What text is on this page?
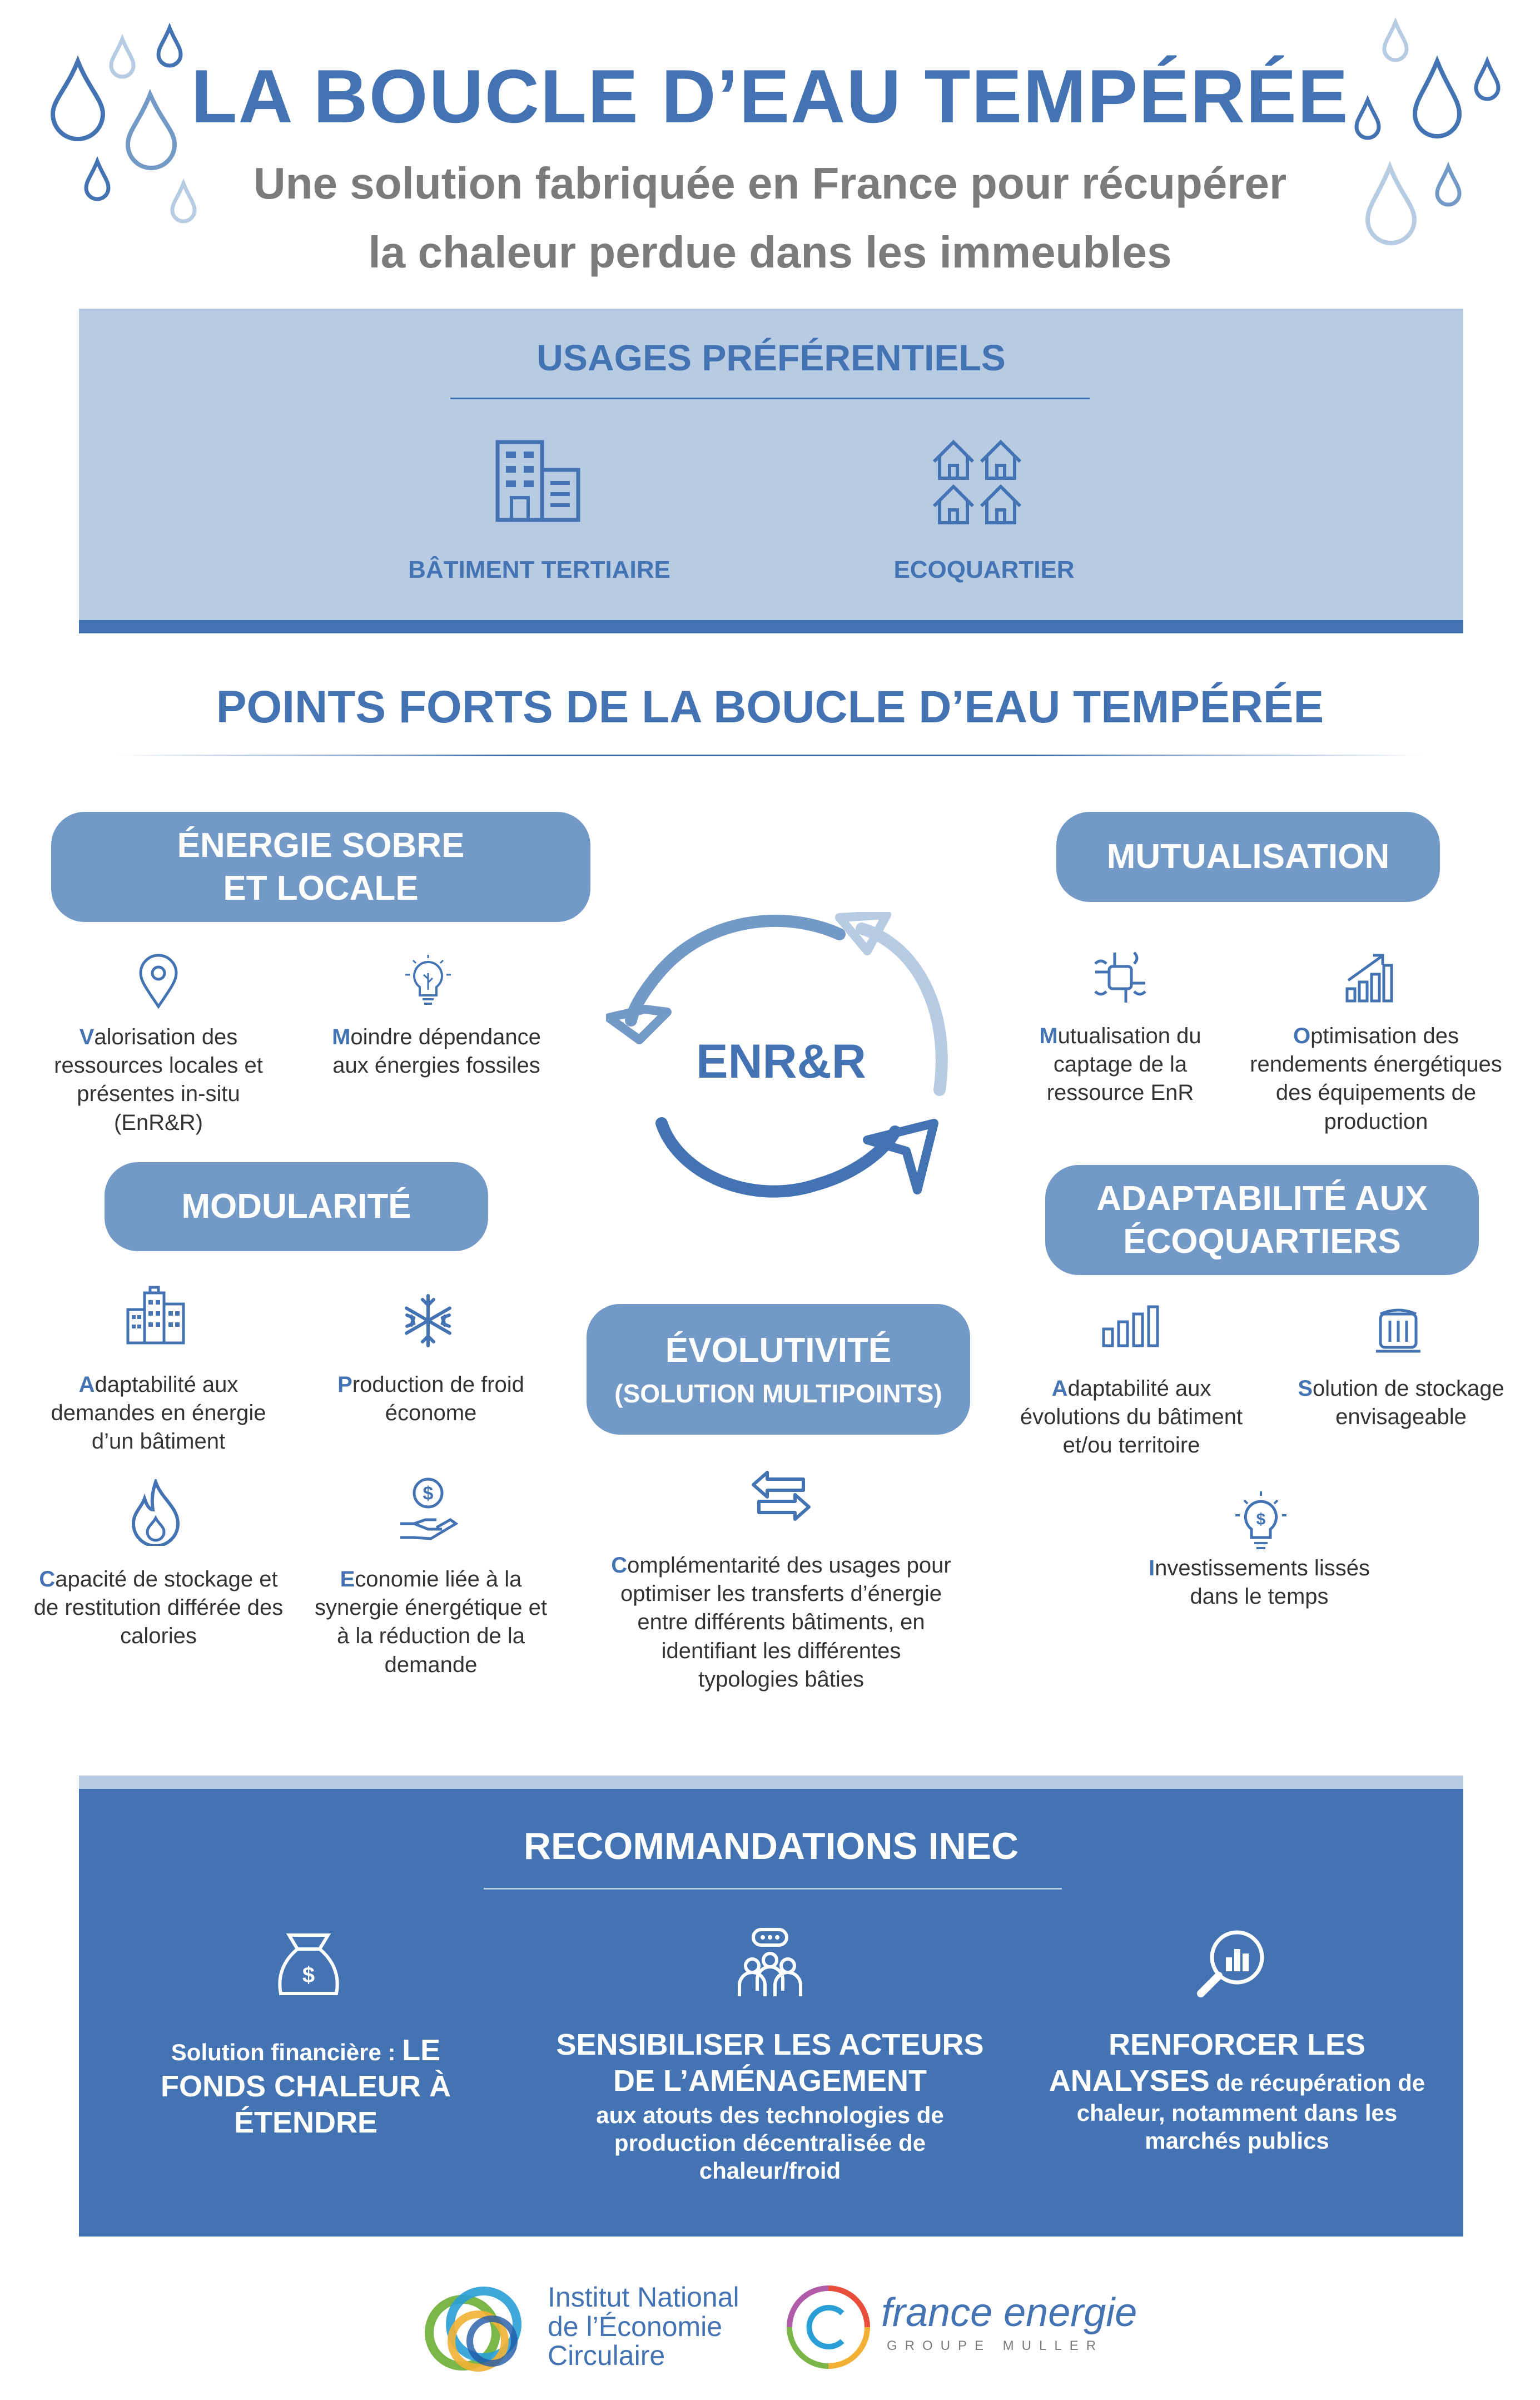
LA BOUCLE D’EAU TEMPÉRÉE
Une solution fabriquée en France pour récupérer
la chaleur perdue dans les immeubles
USAGES PRÉFÉRENTIELS
BÂTIMENT TERTIAIRE	ECOQUARTIER
POINTS FORTS DE LA BOUCLE D’EAU TEMPÉRÉE
ENR&R
ÉNERGIE SOBRE
ET LOCALE
Valorisation des ressources locales et présentes in-situ (EnR&R)
Moindre dépendance aux énergies fossiles
MUTUALISATION
Mutualisation du captage de la ressource EnR
Optimisation des rendements énergétiques des équipements de production
MODULARITÉ
Adaptabilité aux demandes en énergie d’un bâtiment
Production de froid économe
Capacité de stockage et de restitution différée des calories
$
Economie liée à la synergie énergétique et à la réduction de la demande
ÉVOLUTIVITÉ
(SOLUTION MULTIPOINTS)
Complémentarité des usages pour optimiser les transferts d’énergie entre différents bâtiments, en identifiant les différentes typologies bâties
ADAPTABILITÉ AUX
ÉCOQUARTIERS
Adaptabilité aux évolutions du bâtiment et/ou territoire
Solution de stockage envisageable
$
Investissements lissés dans le temps
RECOMMANDATIONS INEC
$
Solution financière : LE
FONDS CHALEUR À ÉTENDRE
SENSIBILISER LES ACTEURS DE L’AMÉNAGEMENT
aux atouts des technologies de production décentralisée de chaleur/froid
RENFORCER LES
ANALYSES de récupération de
chaleur, notamment dans les marchés publics
Institut National
de l’Économie
Circulaire
france energie
GROUPE MULLER
